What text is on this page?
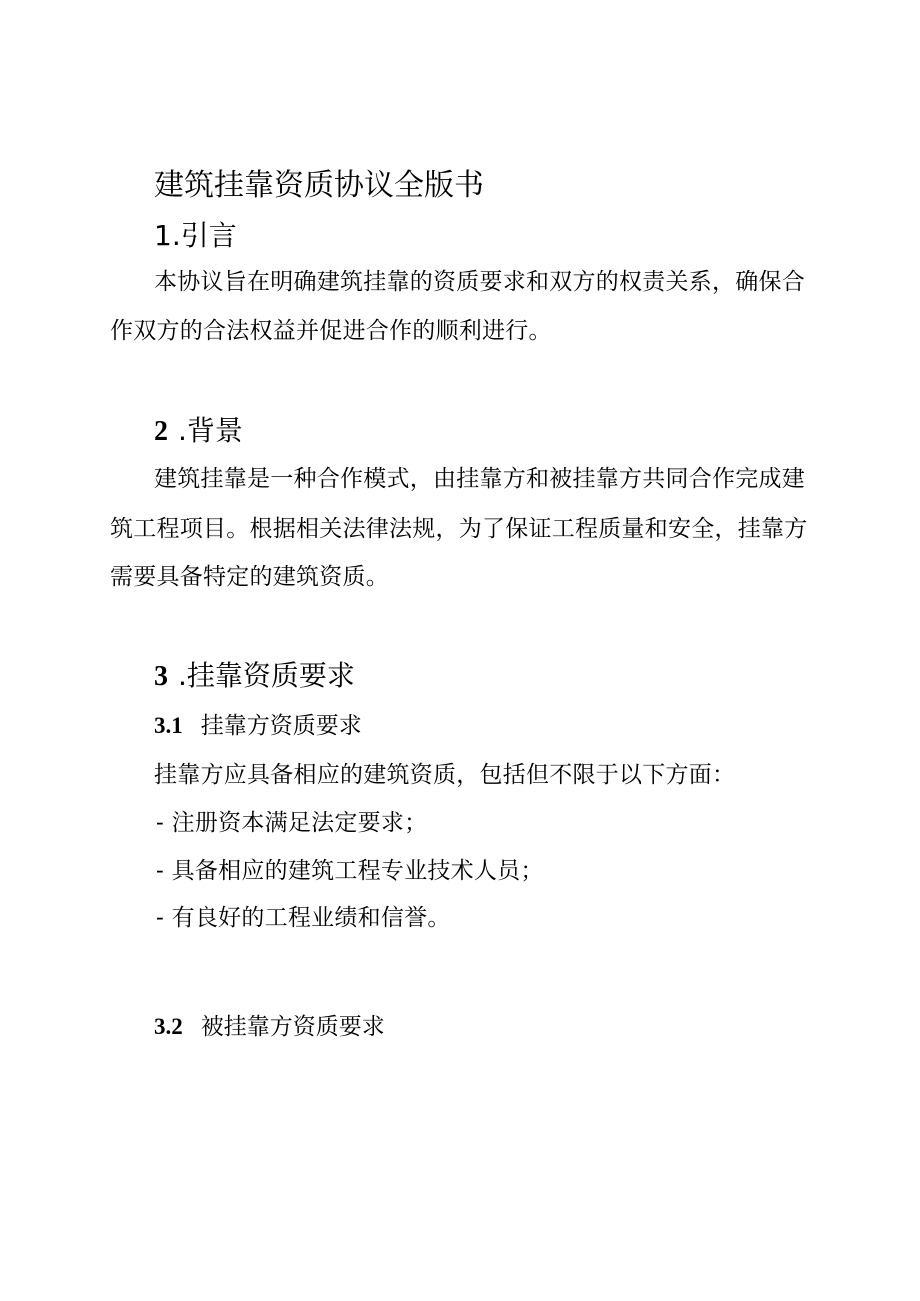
建筑挂靠资质协议全版书
1.引言
本协议旨在明确建筑挂靠的资质要求和双方的权责关系，确保合
作双方的合法权益并促进合作的顺利进行。
2 .背景
建筑挂靠是一种合作模式，由挂靠方和被挂靠方共同合作完成建
筑工程项目。根据相关法律法规，为了保证工程质量和安全，挂靠方
需要具备特定的建筑资质。
3 .挂靠资质要求
3.1 挂靠方资质要求
挂靠方应具备相应的建筑资质，包括但不限于以下方面：
- 注册资本满足法定要求；
- 具备相应的建筑工程专业技术人员；
- 有良好的工程业绩和信誉。
3.2 被挂靠方资质要求
